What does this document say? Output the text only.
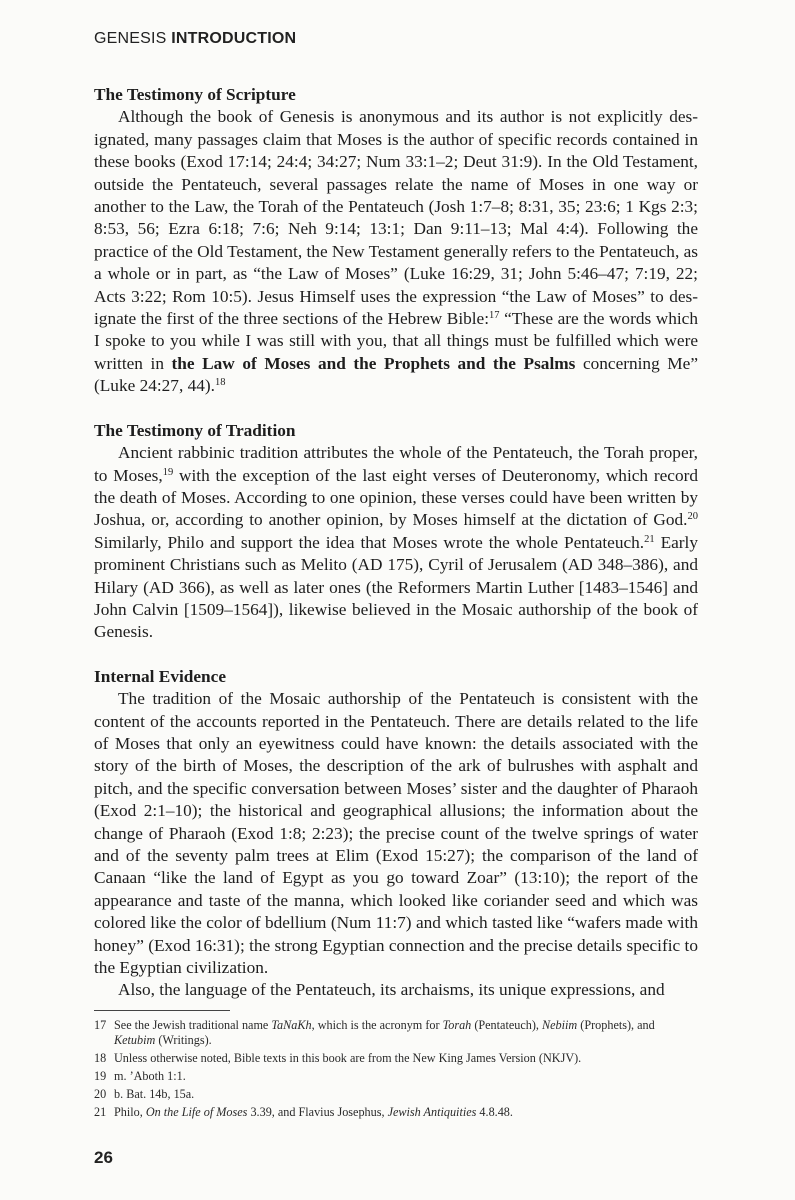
GENESIS INTRODUCTION
The Testimony of Scripture

Although the book of Genesis is anonymous and its author is not explicitly designated, many passages claim that Moses is the author of specific records contained in these books (Exod 17:14; 24:4; 34:27; Num 33:1–2; Deut 31:9). In the Old Testament, outside the Pentateuch, several passages relate the name of Moses in one way or another to the Law, the Torah of the Pentateuch (Josh 1:7–8; 8:31, 35; 23:6; 1 Kgs 2:3; 8:53, 56; Ezra 6:18; 7:6; Neh 9:14; 13:1; Dan 9:11–13; Mal 4:4). Following the practice of the Old Testament, the New Testament generally refers to the Pentateuch, as a whole or in part, as “the Law of Moses” (Luke 16:29, 31; John 5:46–47; 7:19, 22; Acts 3:22; Rom 10:5). Jesus Himself uses the expression “the Law of Moses” to designate the first of the three sections of the Hebrew Bible:$^{17}$ “These are the words which I spoke to you while I was still with you, that all things must be fulfilled which were written in the Law of Moses and the Prophets and the Psalms concerning Me” (Luke 24:27, 44).$^{18}$

The Testimony of Tradition

Ancient rabbinic tradition attributes the whole of the Pentateuch, the Torah proper, to Moses,$^{19}$ with the exception of the last eight verses of Deuteronomy, which record the death of Moses. According to one opinion, these verses could have been written by Joshua, or, according to another opinion, by Moses himself at the dictation of God.$^{20}$ Similarly, Philo and support the idea that Moses wrote the whole Pentateuch.$^{21}$ Early prominent Christians such as Melito (AD 175), Cyril of Jerusalem (AD 348–386), and Hilary (AD 366), as well as later ones (the Reformers Martin Luther [1483–1546] and John Calvin [1509–1564]), likewise believed in the Mosaic authorship of the book of Genesis.

Internal Evidence

The tradition of the Mosaic authorship of the Pentateuch is consistent with the content of the accounts reported in the Pentateuch. There are details related to the life of Moses that only an eyewitness could have known: the details associated with the story of the birth of Moses, the description of the ark of bulrushes with asphalt and pitch, and the specific conversation between Moses’ sister and the daughter of Pharaoh (Exod 2:1–10); the historical and geographical allusions; the information about the change of Pharaoh (Exod 1:8; 2:23); the precise count of the twelve springs of water and of the seventy palm trees at Elim (Exod 15:27); the comparison of the land of Canaan “like the land of Egypt as you go toward Zoar” (13:10); the report of the appearance and taste of the manna, which looked like coriander seed and which was colored like the color of bdellium (Num 11:7) and which tasted like “wafers made with honey” (Exod 16:31); the strong Egyptian connection and the precise details specific to the Egyptian civilization.

Also, the language of the Pentateuch, its archaisms, its unique expressions, and

17 See the Jewish traditional name TaNaKh, which is the acronym for Torah (Pentateuch), Nebiim (Prophets), and Ketubim (Writings).
18 Unless otherwise noted, Bible texts in this book are from the New King James Version (NKJV).
19 m. ʼAboth 1:1.
20 b. Bat. 14b, 15a.
21 Philo, On the Life of Moses 3.39, and Flavius Josephus, Jewish Antiquities 4.8.48.
26
